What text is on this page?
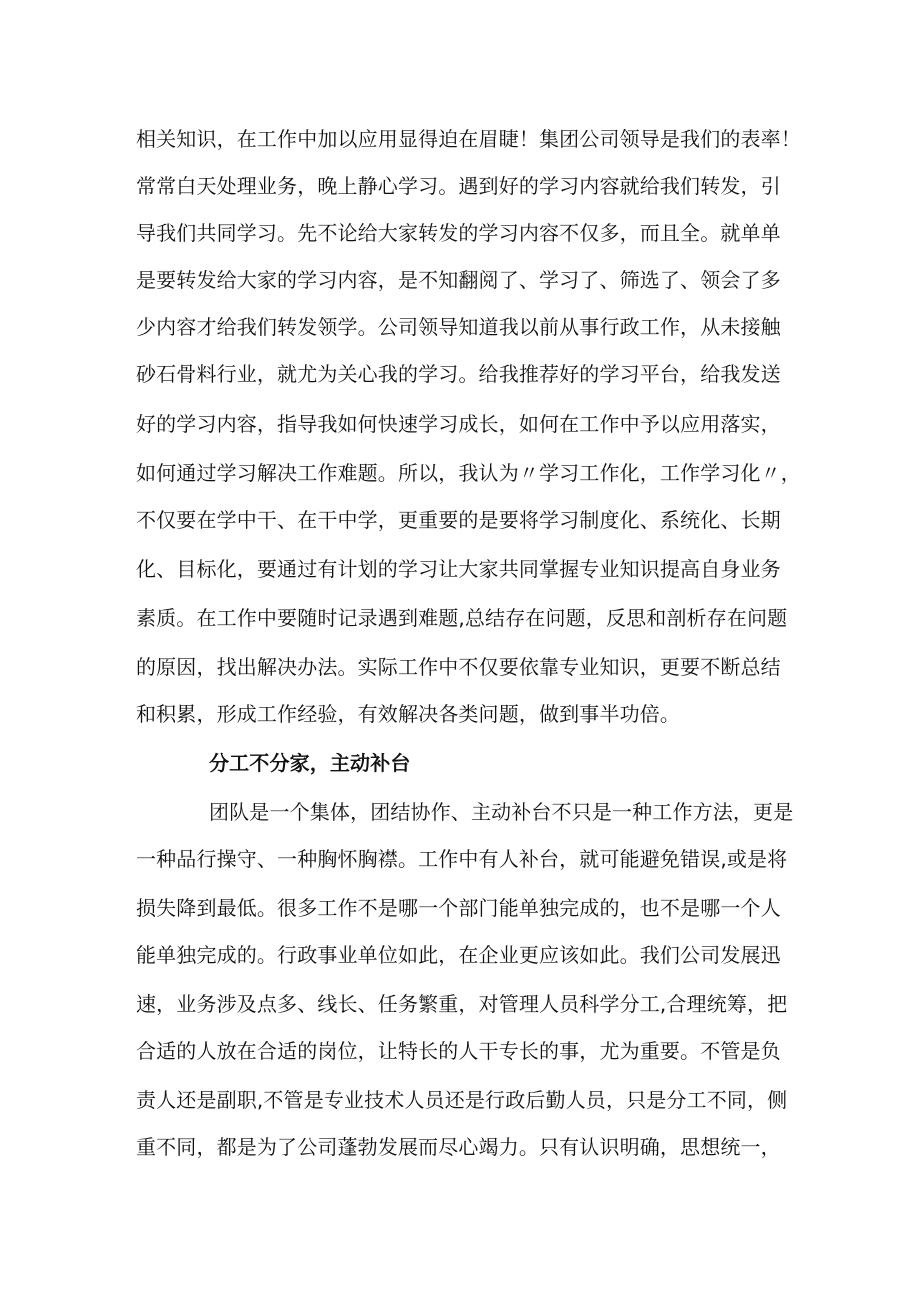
相关知识，在工作中加以应用显得迫在眉睫！集团公司领导是我们的表率！
常常白天处理业务，晚上静心学习。遇到好的学习内容就给我们转发，引
导我们共同学习。先不论给大家转发的学习内容不仅多，而且全。就单单
是要转发给大家的学习内容，是不知翻阅了、学习了、筛选了、领会了多
少内容才给我们转发领学。公司领导知道我以前从事行政工作，从未接触
砂石骨料行业，就尤为关心我的学习。给我推荐好的学习平台，给我发送
好的学习内容，指导我如何快速学习成长，如何在工作中予以应用落实，
如何通过学习解决工作难题。所以，我认为〃学习工作化，工作学习化〃，
不仅要在学中干、在干中学，更重要的是要将学习制度化、系统化、长期
化、目标化，要通过有计划的学习让大家共同掌握专业知识提高自身业务
素质。在工作中要随时记录遇到难题,总结存在问题，反思和剖析存在问题
的原因，找出解决办法。实际工作中不仅要依靠专业知识，更要不断总结
和积累，形成工作经验，有效解决各类问题，做到事半功倍。
分工不分家，主动补台
团队是一个集体，团结协作、主动补台不只是一种工作方法，更是
一种品行操守、一种胸怀胸襟。工作中有人补台，就可能避免错误,或是将
损失降到最低。很多工作不是哪一个部门能单独完成的，也不是哪一个人
能单独完成的。行政事业单位如此，在企业更应该如此。我们公司发展迅
速，业务涉及点多、线长、任务繁重，对管理人员科学分工,合理统筹，把
合适的人放在合适的岗位，让特长的人干专长的事，尤为重要。不管是负
责人还是副职,不管是专业技术人员还是行政后勤人员，只是分工不同，侧
重不同，都是为了公司蓬勃发展而尽心竭力。只有认识明确，思想统一，
